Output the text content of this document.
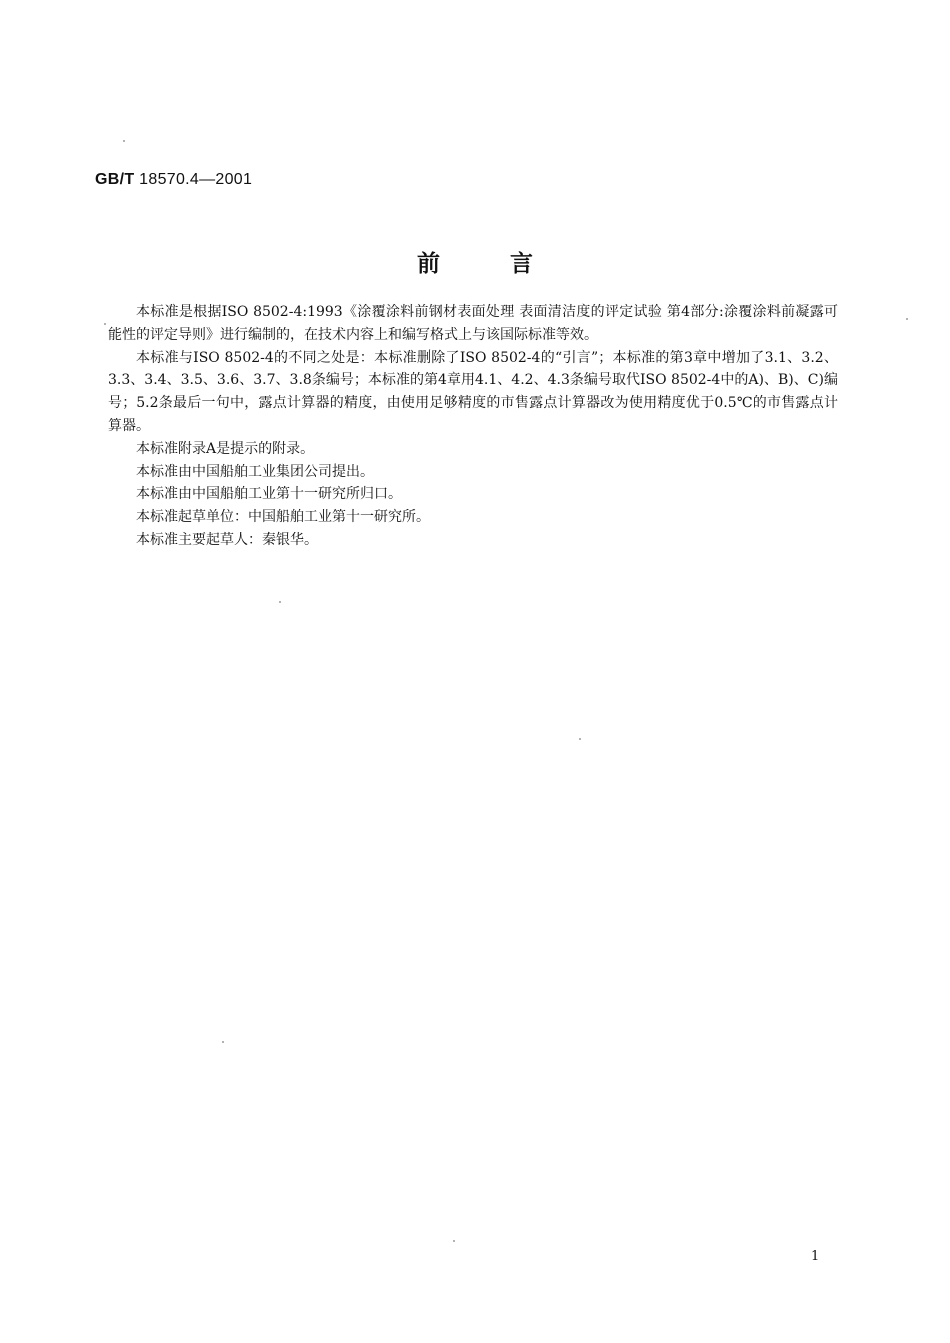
GB/T 18570.4—2001
前言

本标准是根据ISO 8502-4:1993《涂覆涂料前钢材表面处理 表面清洁度的评定试验 第4部分:涂覆涂料前凝露可能性的评定导则》进行编制的，在技术内容上和编写格式上与该国际标准等效。

本标准与ISO 8502-4的不同之处是：本标准删除了ISO 8502-4的“引言”；本标准的第3章中增加了3.1、3.2、3.3、3.4、3.5、3.6、3.7、3.8条编号；本标准的第4章用4.1、4.2、4.3条编号取代ISO 8502-4中的A)、B)、C)编号；5.2条最后一句中，露点计算器的精度，由使用足够精度的市售露点计算器改为使用精度优于0.5℃的市售露点计算器。

本标准附录A是提示的附录。

本标准由中国船舶工业集团公司提出。

本标准由中国船舶工业第十一研究所归口。

本标准起草单位：中国船舶工业第十一研究所。

本标准主要起草人：秦银华。

1
